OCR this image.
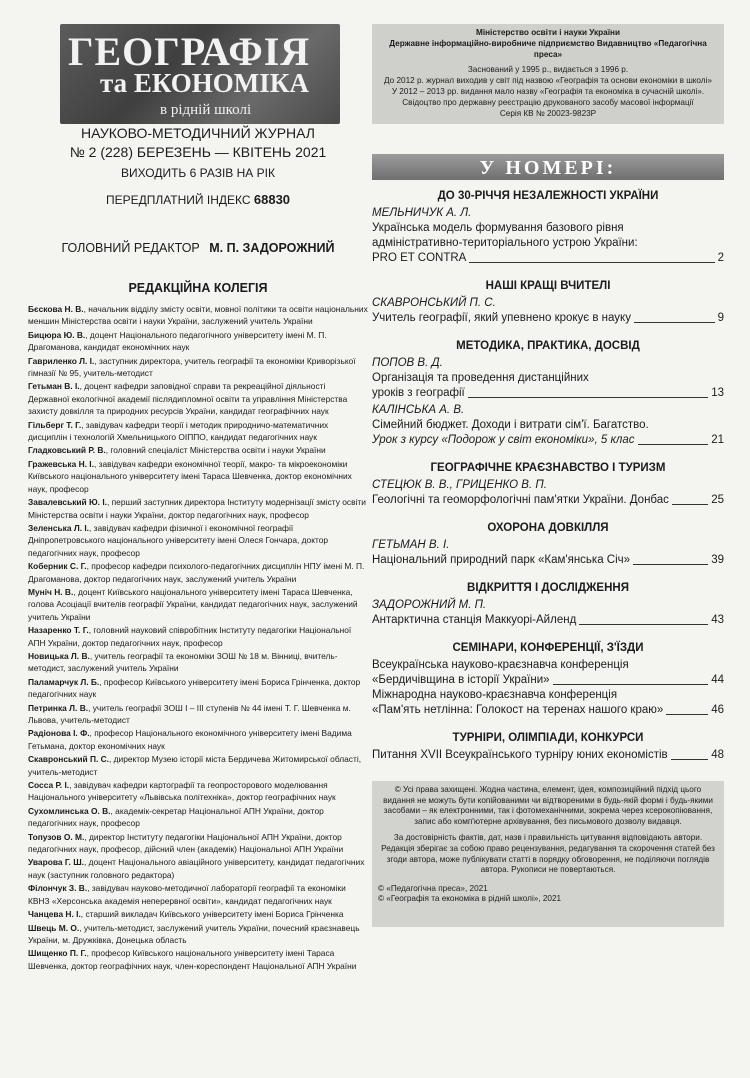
ГЕОГРАФІЯ
та ЕКОНОМІКА
в рідній школі
НАУКОВО-МЕТОДИЧНИЙ ЖУРНАЛ
№ 2 (228) БЕРЕЗЕНЬ — КВІТЕНЬ 2021
ВИХОДИТЬ 6 РАЗІВ НА РІК
ПЕРЕДПЛАТНИЙ ІНДЕКС 68830
ГОЛОВНИЙ РЕДАКТОР М. П. ЗАДОРОЖНИЙ
РЕДАКЦІЙНА КОЛЕГІЯ

Бєскова Н. В., начальник відділу змісту освіти, мовної політики та освіти національних меншин Міністерства освіти і науки України, заслужений учитель України

Бицюра Ю. В., доцент Національного педагогічного університету імені М. П. Драгоманова, кандидат економічних наук

Гавриленко Л. І., заступник директора, учитель географії та економіки Криворізької гімназії № 95, учитель-методист

Гетьман В. І., доцент кафедри заповідної справи та рекреаційної діяльності Державної екологічної академії післядипломної освіти та управління Міністерства захисту довкілля та природних ресурсів України, кандидат географічних наук

Гільберг Т. Г., завідувач кафедри теорії і методик природничо-математичних дисциплін і технологій Хмельницького ОІППО, кандидат педагогічних наук

Гладковський Р. В., головний спеціаліст Міністерства освіти і науки України

Гражевська Н. І., завідувач кафедри економічної теорії, макро- та мікроекономіки Київського національного університету імені Тараса Шевченка, доктор економічних наук, професор

Завалевський Ю. І., перший заступник директора Інституту модернізації змісту освіти Міністерства освіти і науки України, доктор педагогічних наук, професор

Зеленська Л. І., завідувач кафедри фізичної і економічної географії Дніпропетровського національного університету імені Олеся Гончара, доктор педагогічних наук, професор

Коберник С. Г., професор кафедри психолого-педагогічних дисциплін НПУ імені М. П. Драгоманова, доктор педагогічних наук, заслужений учитель України

Муніч Н. В., доцент Київського національного університету імені Тараса Шевченка, голова Асоціації вчителів географії України, кандидат педагогічних наук, заслужений учитель України

Назаренко Т. Г., головний науковий співробітник Інституту педагогіки Національної АПН України, доктор педагогічних наук, професор

Новицька Л. В., учитель географії та економіки ЗОШ № 18 м. Вінниці, вчитель-методист, заслужений учитель України

Паламарчук Л. Б., професор Київського університету імені Бориса Грінченка, доктор педагогічних наук

Петринка Л. В., учитель географії ЗОШ І – ІІІ ступенів № 44 імені Т. Г. Шевченка м. Львова, учитель-методист

Радіонова І. Ф., професор Національного економічного університету імені Вадима Гетьмана, доктор економічних наук

Скавронський П. С., директор Музею історії міста Бердичева Житомирської області, учитель-методист

Сосса Р. І., завідувач кафедри картографії та геопросторового моделювання Національного університету «Львівська політехніка», доктор географічних наук

Сухомлинська О. В., академік-секретар Національної АПН України, доктор педагогічних наук, професор

Топузов О. М., директор Інституту педагогіки Національної АПН України, доктор педагогічних наук, професор, дійсний член (академік) Національної АПН України

Уварова Г. Ш., доцент Національного авіаційного університету, кандидат педагогічних наук (заступник головного редактора)

Філончук З. В., завідувач науково-методичної лабораторії географії та економіки КВНЗ «Херсонська академія неперервної освіти», кандидат педагогічних наук

Чанцева Н. І., старший викладач Київського університету імені Бориса Грінченка

Швець М. О., учитель-методист, заслужений учитель України, почесний краєзнавець України, м. Дружківка, Донецька область

Шищенко П. Г., професор Київського національного університету імені Тараса Шевченка, доктор географічних наук, член-кореспондент Національної АПН України

Міністерство освіти і науки України
Державне інформаційно-виробниче підприємство Видавництво «Педагогічна преса»
Заснований у 1995 р., видається з 1996 р.
До 2012 р. журнал виходив у світ під назвою «Географія та основи економіки в школі»
У 2012 – 2013 рр. видання мало назву «Географія та економіка в сучасній школі».
Свідоцтво про державну реєстрацію друкованого засобу масової інформації
Серія КВ № 20023-9823Р
У НОМЕРІ:
ДО 30-РІЧЧЯ НЕЗАЛЕЖНОСТІ УКРАЇНИ
МЕЛЬНИЧУК А. Л.
Українська модель формування базового рівня
адміністративно-територіального устрою України:
PRO ET CONTRA	2
НАШІ КРАЩІ ВЧИТЕЛІ
СКАВРОНСЬКИЙ П. С.
Учитель географії, який упевнено крокує в науку	9
МЕТОДИКА, ПРАКТИКА, ДОСВІД
ПОПОВ В. Д.
Організація та проведення дистанційних
уроків з географії	13
КАЛІНСЬКА А. В.
Сімейний бюджет. Доходи і витрати сім'ї. Багатство.
Урок з курсу «Подорож у світ економіки», 5 клас	21
ГЕОГРАФІЧНЕ КРАЄЗНАВСТВО І ТУРИЗМ
СТЕЦЮК В. В., ГРИЦЕНКО В. П.
Геологічні та геоморфологічні пам'ятки України. Донбас	25
ОХОРОНА ДОВКІЛЛЯ
ГЕТЬМАН В. І.
Національний природний парк «Кам'янська Січ»	39
ВІДКРИТТЯ І ДОСЛІДЖЕННЯ
ЗАДОРОЖНИЙ М. П.
Антарктична станція Маккуорі-Айленд	43
СЕМІНАРИ, КОНФЕРЕНЦІЇ, З'ЇЗДИ
Всеукраїнська науково-краєзнавча конференція
«Бердичівщина в історії України»	44
Міжнародна науково-краєзнавча конференція
«Пам'ять нетлінна: Голокост на теренах нашого краю»	46
ТУРНІРИ, ОЛІМПІАДИ, КОНКУРСИ
Питання XVII Всеукраїнського турніру юних економістів	48
© Усі права захищені. Жодна частина, елемент, ідея, композиційний підхід цього видання не можуть бути копійованими чи відтвореними в будь-якій формі і будь-якими засобами – як електронними, так і фотомеханічними, зокрема через ксерокопіювання, запис або комп'ютерне архівування, без письмового дозволу видавця.
За достовірність фактів, дат, назв і правильність цитування відповідають автори.
Редакція зберігає за собою право рецензування, редагування та скорочення статей без згоди автора, може публікувати статті в порядку обговорення, не поділяючи поглядів автора. Рукописи не повертаються.
© «Педагогічна преса», 2021
© «Географія та економіка в рідній школі», 2021
